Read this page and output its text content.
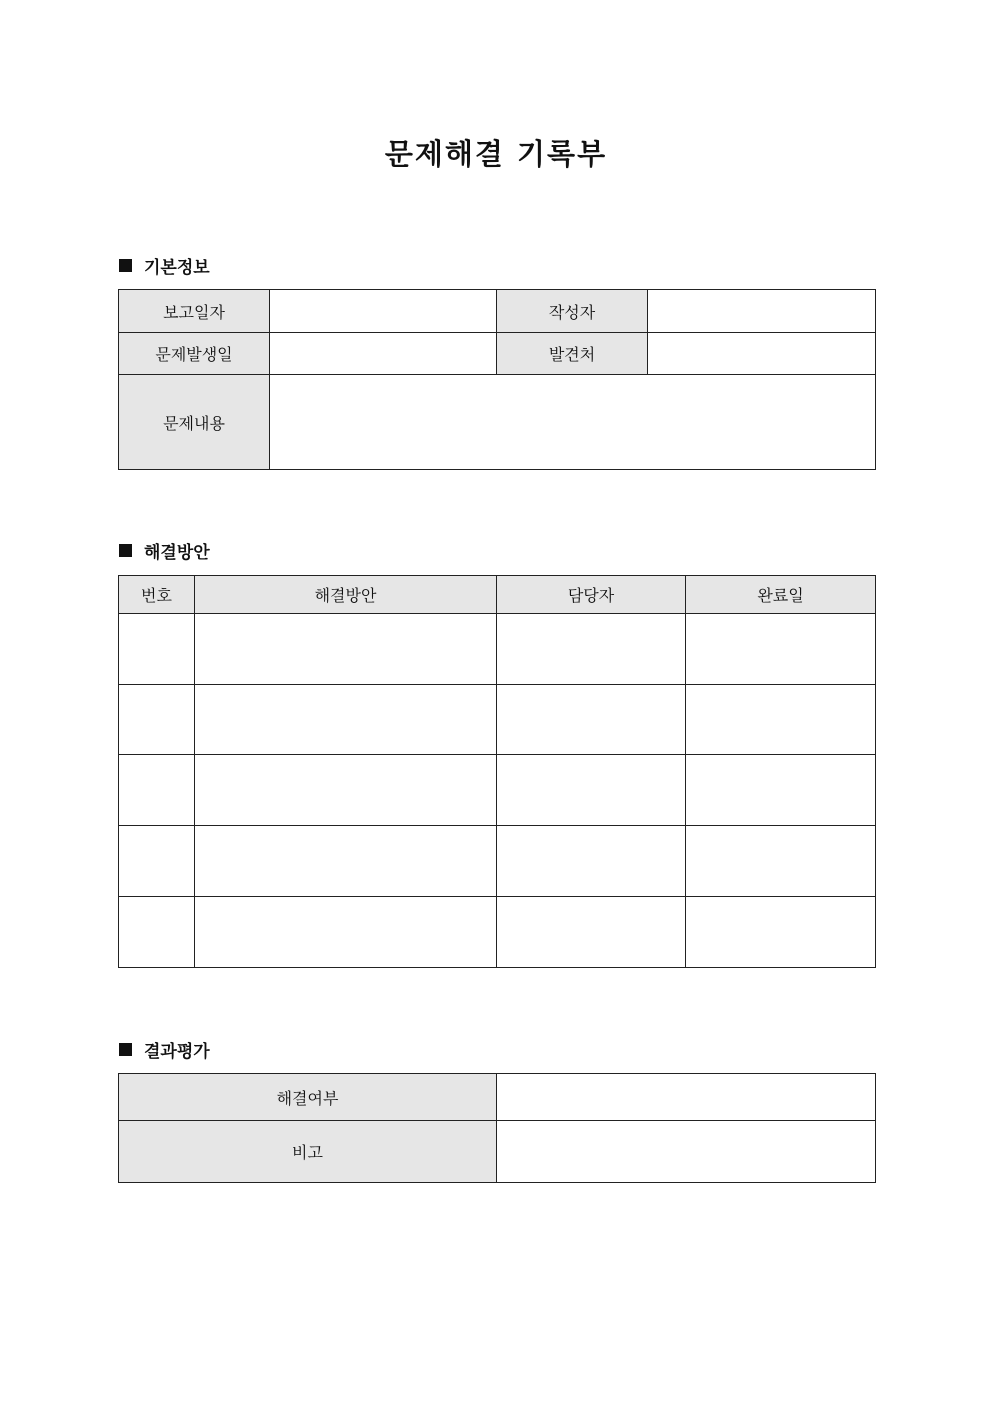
문제해결 기록부
기본정보
보고일자		작성자	
문제발생일		발견처	
문제내용			
해결방안
번호	해결방안	담당자	완료일

결과평가
해결여부	
비고	
